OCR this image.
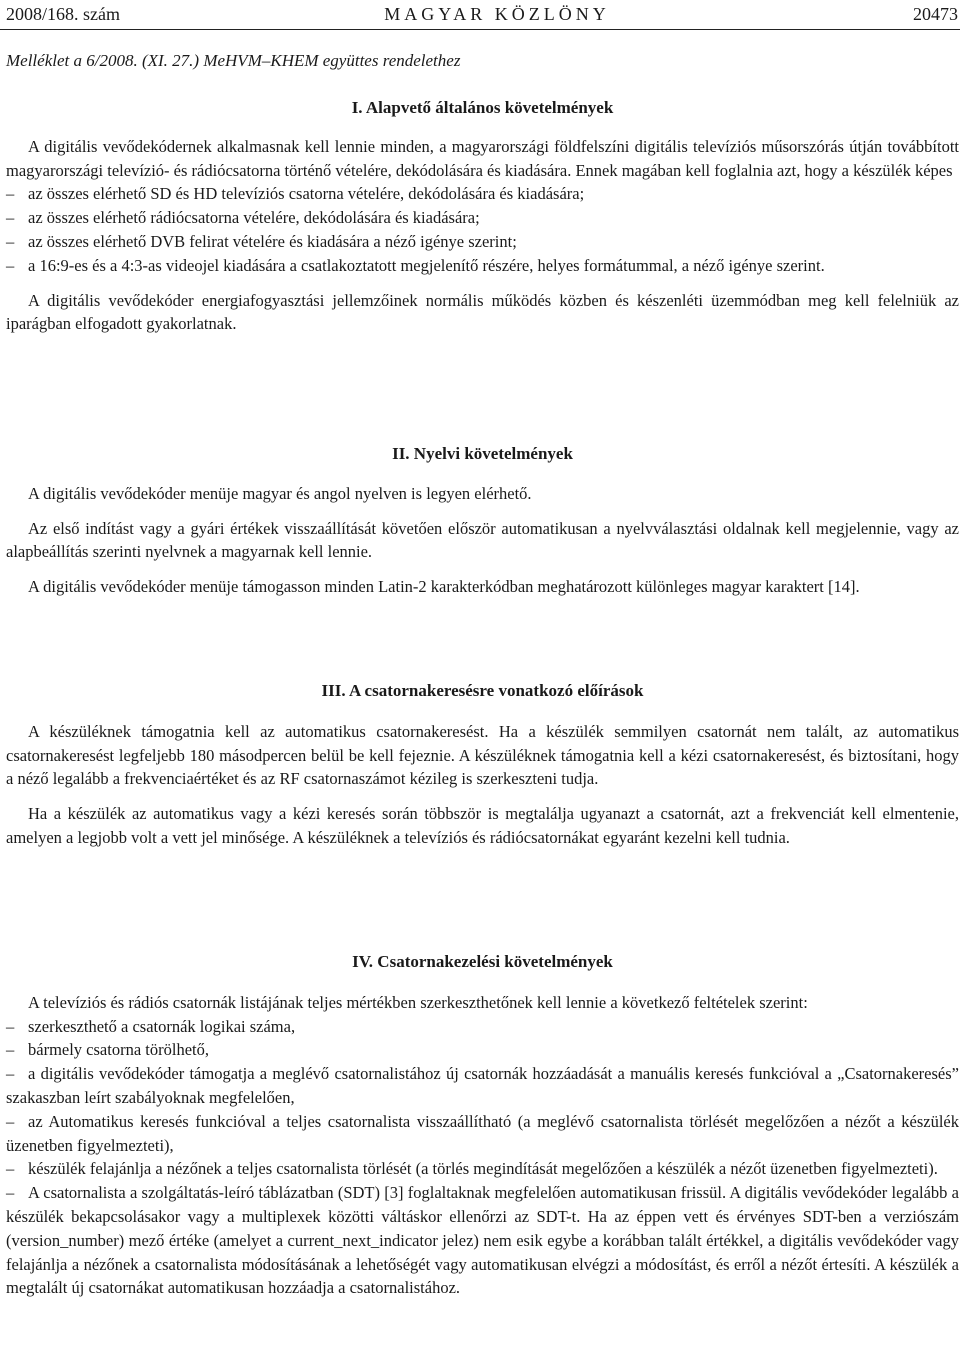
2008/168. szám	MAGYAR KÖZLÖNY	20473
Melléklet a 6/2008. (XI. 27.) MeHVM–KHEM együttes rendelethez
I. Alapvető általános követelmények

A digitális vevődekódernek alkalmasnak kell lennie minden, a magyarországi földfelszíni digitális televíziós műsorszórás útján továbbított magyarországi televízió- és rádiócsatorna történő vételére, dekódolására és kiadására. Ennek magában kell foglalnia azt, hogy a készülék képes

– az összes elérhető SD és HD televíziós csatorna vételére, dekódolására és kiadására;
– az összes elérhető rádiócsatorna vételére, dekódolására és kiadására;
– az összes elérhető DVB felirat vételére és kiadására a néző igénye szerint;
– a 16:9-es és a 4:3-as videojel kiadására a csatlakoztatott megjelenítő részére, helyes formátummal, a néző igénye szerint.

A digitális vevődekóder energiafogyasztási jellemzőinek normális működés közben és készenléti üzemmódban meg kell felelniük az iparágban elfogadott gyakorlatnak.

II. Nyelvi követelmények

A digitális vevődekóder menüje magyar és angol nyelven is legyen elérhető.

Az első indítást vagy a gyári értékek visszaállítását követően először automatikusan a nyelvválasztási oldalnak kell megjelennie, vagy az alapbeállítás szerinti nyelvnek a magyarnak kell lennie.

A digitális vevődekóder menüje támogasson minden Latin-2 karakterkódban meghatározott különleges magyar karaktert [14].

III. A csatornakeresésre vonatkozó előírások

A készüléknek támogatnia kell az automatikus csatornakeresést. Ha a készülék semmilyen csatornát nem talált, az automatikus csatornakeresést legfeljebb 180 másodpercen belül be kell fejeznie. A készüléknek támogatnia kell a kézi csatornakeresést, és biztosítani, hogy a néző legalább a frekvenciaértéket és az RF csatornaszámot kézileg is szerkeszteni tudja.

Ha a készülék az automatikus vagy a kézi keresés során többször is megtalálja ugyanazt a csatornát, azt a frekvenciát kell elmentenie, amelyen a legjobb volt a vett jel minősége. A készüléknek a televíziós és rádiócsatornákat egyaránt kezelni kell tudnia.

IV. Csatornakezelési követelmények

A televíziós és rádiós csatornák listájának teljes mértékben szerkeszthetőnek kell lennie a következő feltételek szerint:

– szerkeszthető a csatornák logikai száma,
– bármely csatorna törölhető,
– a digitális vevődekóder támogatja a meglévő csatornalistához új csatornák hozzáadását a manuális keresés funkcióval a „Csatornakeresés” szakaszban leírt szabályoknak megfelelően,
– az Automatikus keresés funkcióval a teljes csatornalista visszaállítható (a meglévő csatornalista törlését megelőzően a nézőt a készülék üzenetben figyelmezteti),
– készülék felajánlja a nézőnek a teljes csatornalista törlését (a törlés megindítását megelőzően a készülék a nézőt üzenetben figyelmezteti).
– A csatornalista a szolgáltatás-leíró táblázatban (SDT) [3] foglaltaknak megfelelően automatikusan frissül. A digitális vevődekóder legalább a készülék bekapcsolásakor vagy a multiplexek közötti váltáskor ellenőrzi az SDT-t. Ha az éppen vett és érvényes SDT-ben a verziószám (version_number) mező értéke (amelyet a current_next_indicator jelez) nem esik egybe a korábban talált értékkel, a digitális vevődekóder vagy felajánlja a nézőnek a csatornalista módosításának a lehetőségét vagy automatikusan elvégzi a módosítást, és erről a nézőt értesíti. A készülék a megtalált új csatornákat automatikusan hozzáadja a csatornalistához.
